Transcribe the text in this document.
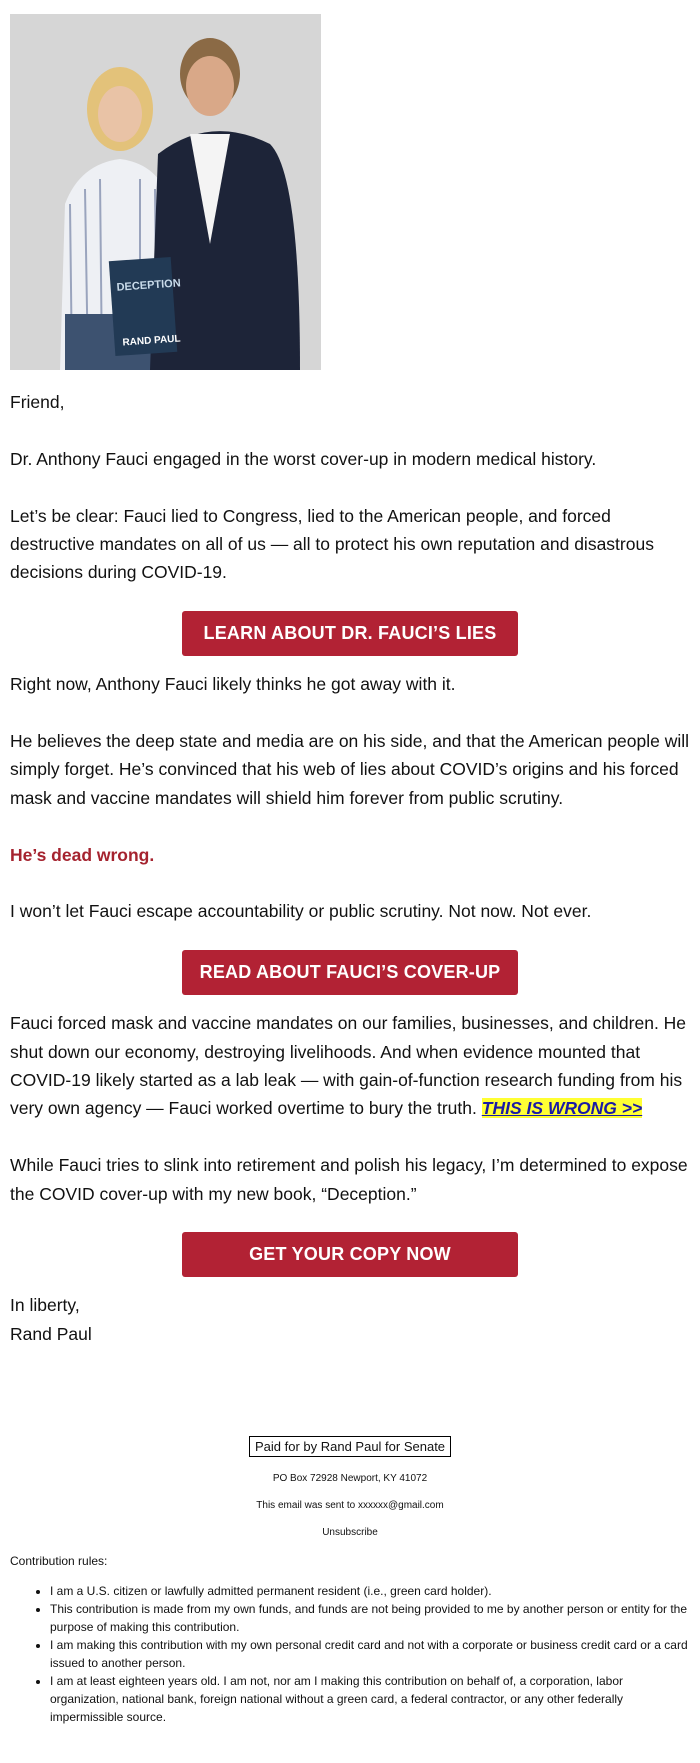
DECEPTION
RAND PAUL

Friend,

Dr. Anthony Fauci engaged in the worst cover-up in modern medical history.

Let’s be clear: Fauci lied to Congress, lied to the American people, and forced destructive mandates on all of us — all to protect his own reputation and disastrous decisions during COVID-19.

LEARN ABOUT DR. FAUCI’S LIES

Right now, Anthony Fauci likely thinks he got away with it.

He believes the deep state and media are on his side, and that the American people will simply forget. He’s convinced that his web of lies about COVID’s origins and his forced mask and vaccine mandates will shield him forever from public scrutiny.

He’s dead wrong.

I won’t let Fauci escape accountability or public scrutiny. Not now. Not ever.

READ ABOUT FAUCI’S COVER-UP

Fauci forced mask and vaccine mandates on our families, businesses, and children. He shut down our economy, destroying livelihoods. And when evidence mounted that COVID-19 likely started as a lab leak — with gain-of-function research funding from his very own agency — Fauci worked overtime to bury the truth. THIS IS WRONG >>

While Fauci tries to slink into retirement and polish his legacy, I’m determined to expose the COVID cover-up with my new book, “Deception.”

GET YOUR COPY NOW

In liberty,

Rand Paul

Paid for by Rand Paul for Senate
PO Box 72928 Newport, KY 41072
This email was sent to xxxxxx@gmail.com
Unsubscribe
Contribution rules:
• I am a U.S. citizen or lawfully admitted permanent resident (i.e., green card holder).
• This contribution is made from my own funds, and funds are not being provided to me by another person or entity for the purpose of making this contribution.
• I am making this contribution with my own personal credit card and not with a corporate or business credit card or a card issued to another person.
• I am at least eighteen years old. I am not, nor am I making this contribution on behalf of, a corporation, labor organization, national bank, foreign national without a green card, a federal contractor, or any other federally impermissible source.
